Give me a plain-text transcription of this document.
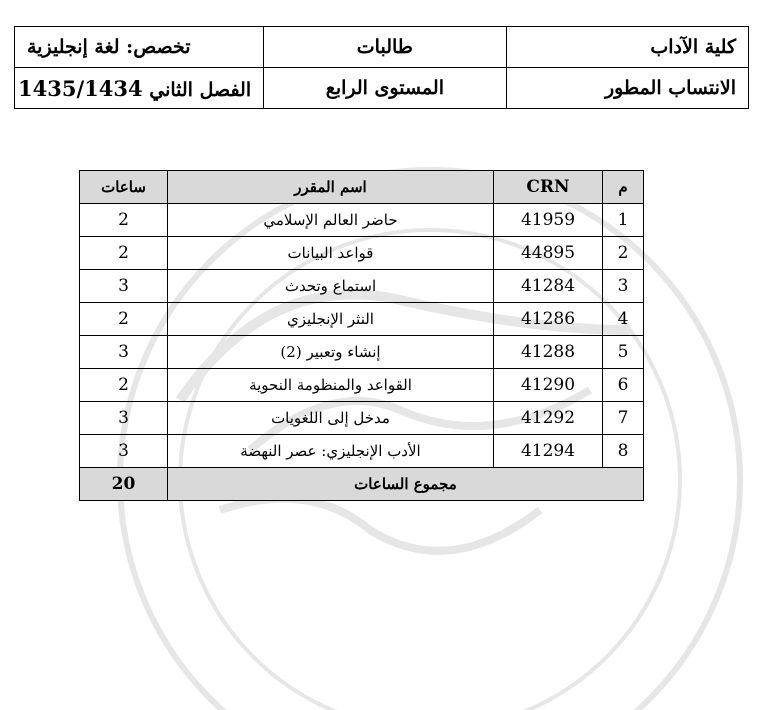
كلية الآداب	طالبات	تخصص: لغة إنجليزية
الانتساب المطور	المستوى الرابع	الفصل الثاني 1435/1434
م	CRN	اسم المقرر	ساعات
1	41959	حاضر العالم الإسلامي	2
2	44895	قواعد البيانات	2
3	41284	استماع وتحدث	3
4	41286	النثر الإنجليزي	2
5	41288	إنشاء وتعبير (2)	3
6	41290	القواعد والمنظومة النحوية	2
7	41292	مدخل إلى اللغويات	3
8	41294	الأدب الإنجليزي: عصر النهضة	3
مجموع الساعات			20
